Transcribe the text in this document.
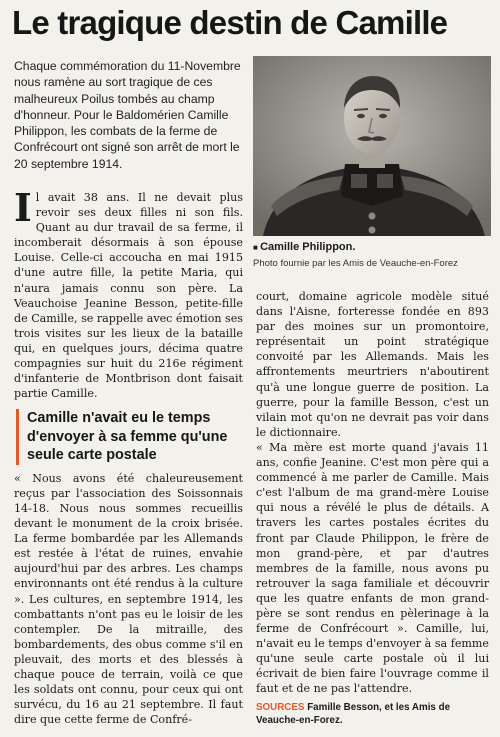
Le tragique destin de Camille

Chaque commémoration du 11-Novembre nous ramène au sort tragique de ces malheureux Poilus tombés au champ d'honneur. Pour le Baldomérien Camille Philippon, les combats de la ferme de Confrécourt ont signé son arrêt de mort le 20 septembre 1914.

■ Camille Philippon.
Photo fournie par les Amis de Veauche-en-Forez

Il avait 38 ans. Il ne devait plus revoir ses deux filles ni son fils. Quant au dur travail de sa ferme, il incomberait désormais à son épouse Louise. Celle-ci accoucha en mai 1915 d'une autre fille, la petite Maria, qui n'aura jamais connu son père. La Veauchoise Jeanine Besson, petite-fille de Camille, se rappelle avec émotion ses trois visites sur les lieux de la bataille qui, en quelques jours, décima quatre compagnies sur huit du 216e régiment d'infanterie de Montbrison dont faisait partie Camille.

Camille n'avait eu le temps d'envoyer à sa femme qu'une seule carte postale

« Nous avons été chaleureusement reçus par l'association des Soissonnais 14-18. Nous nous sommes recueillis devant le monument de la croix brisée. La ferme bombardée par les Allemands est restée à l'état de ruines, envahie aujourd'hui par des arbres. Les champs environnants ont été rendus à la culture ». Les cultures, en septembre 1914, les combattants n'ont pas eu le loisir de les contempler. De la mitraille, des bombardements, des obus comme s'il en pleuvait, des morts et des blessés à chaque pouce de terrain, voilà ce que les soldats ont connu, pour ceux qui ont survécu, du 16 au 21 septembre. Il faut dire que cette ferme de Confré-

court, domaine agricole modèle situé dans l'Aisne, forteresse fondée en 893 par des moines sur un promontoire, représentait un point stratégique convoité par les Allemands. Mais les affrontements meurtriers n'aboutirent qu'à une longue guerre de position. La guerre, pour la famille Besson, c'est un vilain mot qu'on ne devrait pas voir dans le dictionnaire.

« Ma mère est morte quand j'avais 11 ans, confie Jeanine. C'est mon père qui a commencé à me parler de Camille. Mais c'est l'album de ma grand-mère Louise qui nous a révélé le plus de détails. A travers les cartes postales écrites du front par Claude Philippon, le frère de mon grand-père, et par d'autres membres de la famille, nous avons pu retrouver la saga familiale et découvrir que les quatre enfants de mon grand-père se sont rendus en pèlerinage à la ferme de Confrécourt ». Camille, lui, n'avait eu le temps d'envoyer à sa femme qu'une seule carte postale où il lui écrivait de bien faire l'ouvrage comme il faut et de ne pas l'attendre.

SOURCES Famille Besson, et les Amis de Veauche-en-Forez.
